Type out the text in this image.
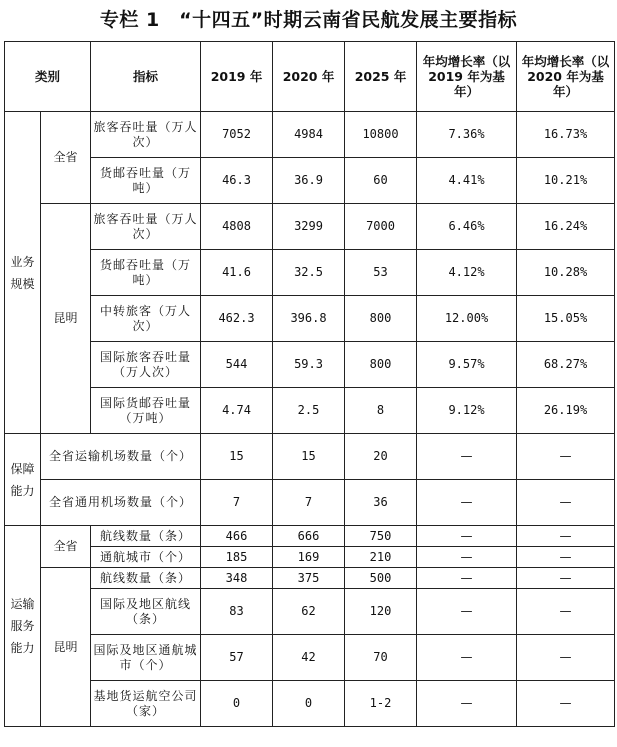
专栏 1　“十四五”时期云南省民航发展主要指标
类别		指标	2019 年	2020 年	2025 年	年均增长率（以 2019 年为基年）	年均增长率（以 2020 年为基年）
业务规模	全省	旅客吞吐量（万人次）	7052	4984	10800	7.36%	16.73%
		货邮吞吐量（万吨）	46.3	36.9	60	4.41%	10.21%
	昆明	旅客吞吐量（万人次）	4808	3299	7000	6.46%	16.24%
		货邮吞吐量（万吨）	41.6	32.5	53	4.12%	10.28%
		中转旅客（万人次）	462.3	396.8	800	12.00%	15.05%
		国际旅客吞吐量（万人次）	544	59.3	800	9.57%	68.27%
		国际货邮吞吐量（万吨）	4.74	2.5	8	9.12%	26.19%
保障能力	全省运输机场数量（个）		15	15	20	—	—
	全省通用机场数量（个）		7	7	36	—	—
运输服务能力	全省	航线数量（条）	466	666	750	—	—
		通航城市（个）	185	169	210	—	—
	昆明	航线数量（条）	348	375	500	—	—
		国际及地区航线（条）	83	62	120	—	—
		国际及地区通航城市（个）	57	42	70	—	—
		基地货运航空公司（家）	0	0	1-2	—	—
